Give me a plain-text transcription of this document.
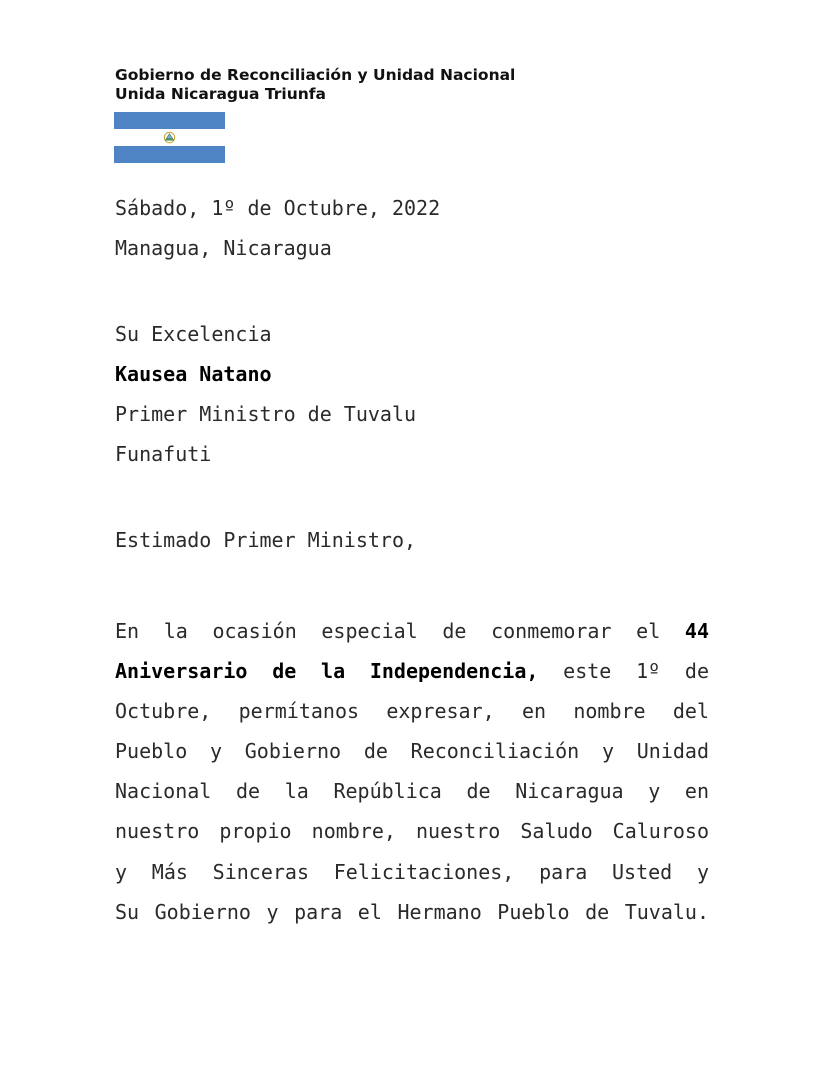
Gobierno de Reconciliación y Unidad Nacional
Unida Nicaragua Triunfa
Sábado, 1º de Octubre, 2022
Managua, Nicaragua
Su Excelencia
Kausea Natano
Primer Ministro de Tuvalu
Funafuti
Estimado Primer Ministro,
En la ocasión especial de conmemorar el 44
Aniversario de la Independencia, este 1º de
Octubre, permítanos expresar, en nombre del
Pueblo y Gobierno de Reconciliación y Unidad
Nacional de la República de Nicaragua y en
nuestro propio nombre, nuestro Saludo Caluroso
y Más Sinceras Felicitaciones, para Usted y
Su Gobierno y para el Hermano Pueblo de Tuvalu.
